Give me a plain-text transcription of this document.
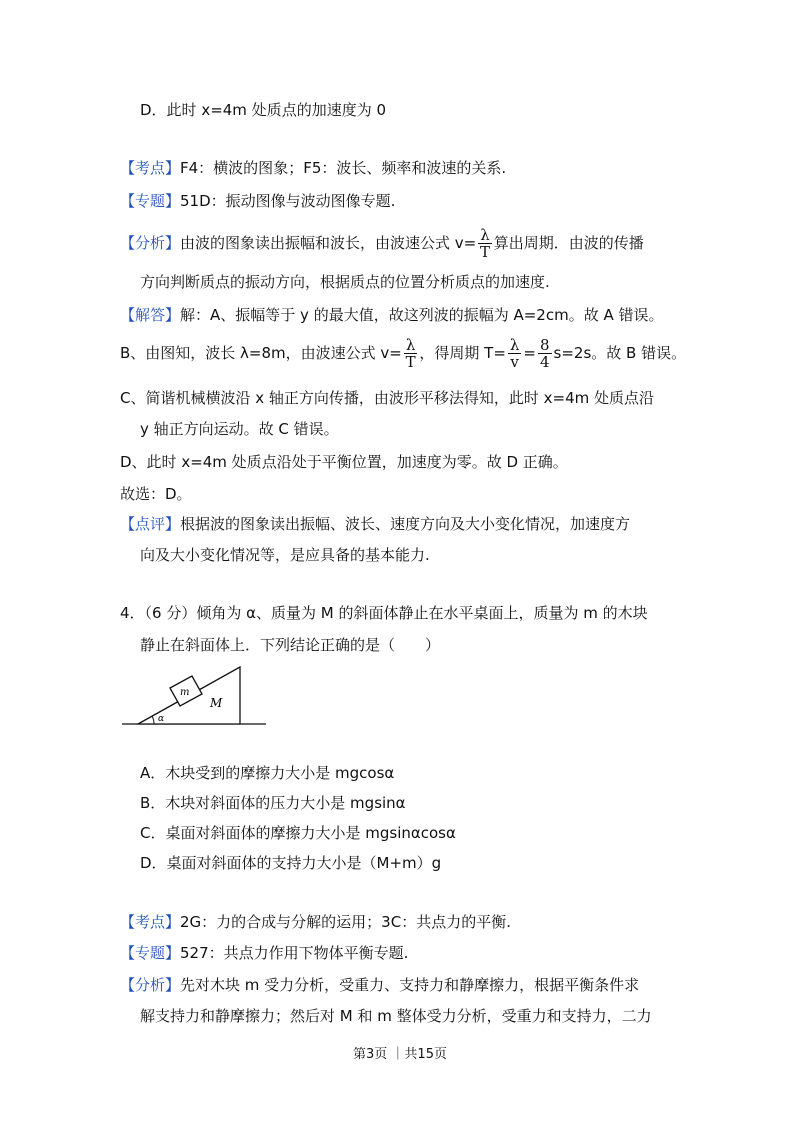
D．此时 x=4m 处质点的加速度为 0
【考点】F4：横波的图象；F5：波长、频率和波速的关系.
【专题】51D：振动图像与波动图像专题.
【分析】由波的图象读出振幅和波长，由波速公式 $v= \frac{\lambda}{T}$ 算出周期．由波的传播
方向判断质点的振动方向，根据质点的位置分析质点的加速度.
【解答】解：A、振幅等于 y 的最大值，故这列波的振幅为 A=2cm。故 A 错误。
B、由图知，波长 λ=8m，由波速公式 $v= \frac{\lambda}{T}$ ，得周期 $T= \frac{\lambda}{v} = \frac{8}{4} s=2s$。故 B 错误。
C、简谐机械横波沿 x 轴正方向传播，由波形平移法得知，此时 x=4m 处质点沿
y 轴正方向运动。故 C 错误。
D、此时 x=4m 处质点沿处于平衡位置，加速度为零。故 D 正确。
故选：D。
【点评】根据波的图象读出振幅、波长、速度方向及大小变化情况，加速度方
向及大小变化情况等，是应具备的基本能力.
4．（6 分）倾角为 α、质量为 M 的斜面体静止在水平桌面上，质量为 m 的木块
静止在斜面体上．下列结论正确的是（　　）
m
M
α
A．木块受到的摩擦力大小是 mgcosα
B．木块对斜面体的压力大小是 mgsinα
C．桌面对斜面体的摩擦力大小是 mgsinαcosα
D．桌面对斜面体的支持力大小是（M+m）g
【考点】2G：力的合成与分解的运用；3C：共点力的平衡.
【专题】527：共点力作用下物体平衡专题.
【分析】先对木块 m 受力分析，受重力、支持力和静摩擦力，根据平衡条件求
解支持力和静摩擦力；然后对 M 和 m 整体受力分析，受重力和支持力，二力
第3页 ｜共15页
